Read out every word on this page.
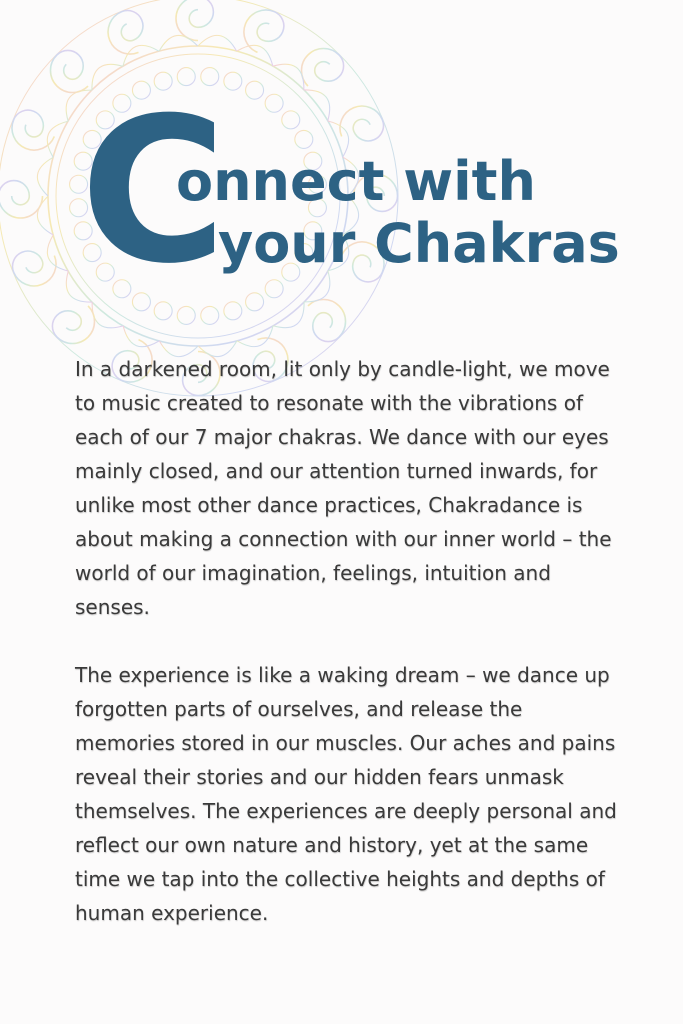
C
onnect with
your Chakras

In a darkened room, lit only by candle-light, we move to music created to resonate with the vibrations of each of our 7 major chakras. We dance with our eyes mainly closed, and our attention turned inwards, for unlike most other dance practices, Chakradance is about making a connection with our inner world – the world of our imagination, feelings, intuition and senses.

The experience is like a waking dream – we dance up forgotten parts of ourselves, and release the memories stored in our muscles. Our aches and pains reveal their stories and our hidden fears unmask themselves. The experiences are deeply personal and reflect our own nature and history, yet at the same time we tap into the collective heights and depths of human experience.
